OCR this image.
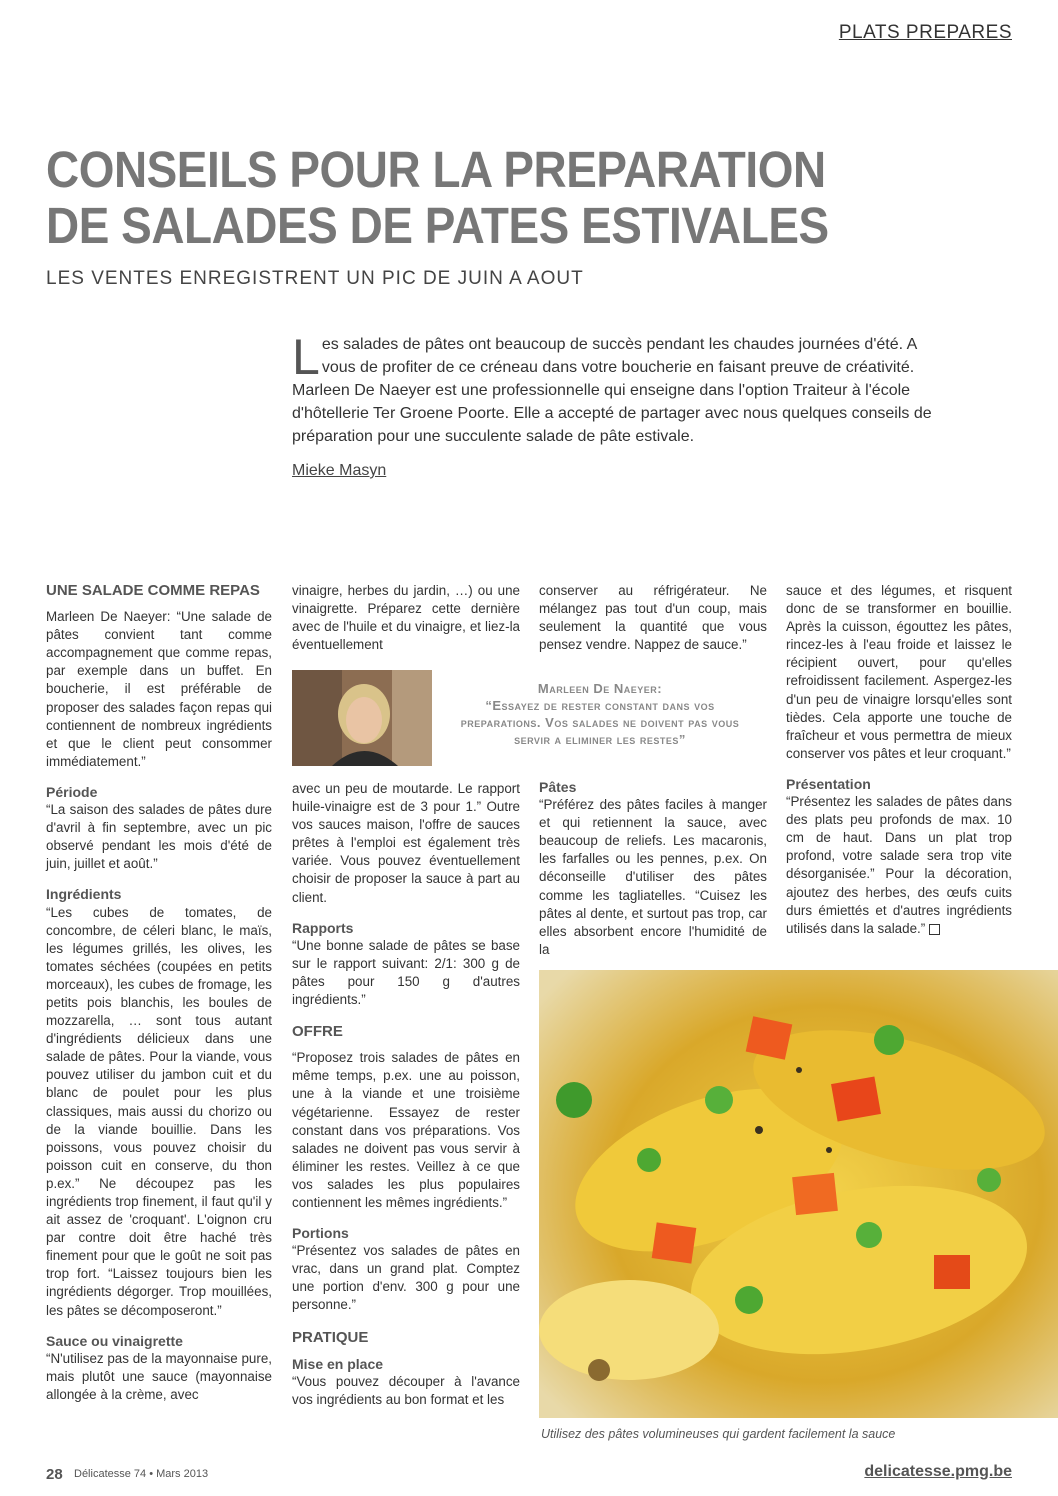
PLATS PREPARES
CONSEILS POUR LA PREPARATION
DE SALADES DE PATES ESTIVALES
LES VENTES ENREGISTRENT UN PIC DE JUIN A AOUT
Les salades de pâtes ont beaucoup de succès pendant les chaudes journées d'été. A vous de profiter de ce créneau dans votre boucherie en faisant preuve de créativité. Marleen De Naeyer est une professionnelle qui enseigne dans l'option Traiteur à l'école d'hôtellerie Ter Groene Poorte. Elle a accepté de partager avec nous quelques conseils de préparation pour une succulente salade de pâte estivale.
Mieke Masyn
UNE SALADE COMME REPAS

Marleen De Naeyer: “Une salade de pâtes convient tant comme accompagnement que comme repas, par exemple dans un buffet. En boucherie, il est préférable de proposer des salades façon repas qui contiennent de nombreux ingrédients et que le client peut consommer immédiatement.”

Période

“La saison des salades de pâtes dure d'avril à fin septembre, avec un pic observé pendant les mois d'été de juin, juillet et août.”

Ingrédients

“Les cubes de tomates, de concombre, de céleri blanc, le maïs, les légumes grillés, les olives, les tomates séchées (coupées en petits morceaux), les cubes de fromage, les petits pois blanchis, les boules de mozzarella, … sont tous autant d'ingrédients délicieux dans une salade de pâtes. Pour la viande, vous pouvez utiliser du jambon cuit et du blanc de poulet pour les plus classiques, mais aussi du chorizo ou de la viande bouillie. Dans les poissons, vous pouvez choisir du poisson cuit en conserve, du thon p.ex.” Ne découpez pas les ingrédients trop finement, il faut qu'il y ait assez de 'croquant'. L'oignon cru par contre doit être haché très finement pour que le goût ne soit pas trop fort. “Laissez toujours bien les ingrédients dégorger. Trop mouillées, les pâtes se décomposeront.”

Sauce ou vinaigrette

“N'utilisez pas de la mayonnaise pure, mais plutôt une sauce (mayonnaise allongée à la crème, avec

vinaigre, herbes du jardin, …) ou une vinaigrette. Préparez cette dernière avec de l'huile et du vinaigre, et liez-la éventuellement

Marleen De Naeyer:
“Essayez de rester constant dans vos preparations. Vos salades ne doivent pas vous servir a eliminer les restes”

avec un peu de moutarde. Le rapport huile-vinaigre est de 3 pour 1.” Outre vos sauces maison, l'offre de sauces prêtes à l'emploi est également très variée. Vous pouvez éventuellement choisir de proposer la sauce à part au client.

Rapports

“Une bonne salade de pâtes se base sur le rapport suivant: 2/1: 300 g de pâtes pour 150 g d'autres ingrédients.”

OFFRE

“Proposez trois salades de pâtes en même temps, p.ex. une au poisson, une à la viande et une troisième végétarienne. Essayez de rester constant dans vos préparations. Vos salades ne doivent pas vous servir à éliminer les restes. Veillez à ce que vos salades les plus populaires contiennent les mêmes ingrédients.”

Portions

“Présentez vos salades de pâtes en vrac, dans un grand plat. Comptez une portion d'env. 300 g pour une personne.”

PRATIQUE
Mise en place

“Vous pouvez découper à l'avance vos ingrédients au bon format et les

conserver au réfrigérateur. Ne mélangez pas tout d'un coup, mais seulement la quantité que vous pensez vendre. Nappez de sauce.”

Pâtes

“Préférez des pâtes faciles à manger et qui retiennent la sauce, avec beaucoup de reliefs. Les macaronis, les farfalles ou les pennes, p.ex. On déconseille d'utiliser des pâtes comme les tagliatelles. “Cuisez les pâtes al dente, et surtout pas trop, car elles absorbent encore l'humidité de la

sauce et des légumes, et risquent donc de se transformer en bouillie. Après la cuisson, égouttez les pâtes, rincez-les à l'eau froide et laissez le récipient ouvert, pour qu'elles refroidissent facilement. Aspergez-les d'un peu de vinaigre lorsqu'elles sont tièdes. Cela apporte une touche de fraîcheur et vous permettra de mieux conserver vos pâtes et leur croquant.”

Présentation

“Présentez les salades de pâtes dans des plats peu profonds de max. 10 cm de haut. Dans un plat trop profond, votre salade sera trop vite désorganisée.” Pour la décoration, ajoutez des herbes, des œufs cuits durs émiettés et d'autres ingrédients utilisés dans la salade.”

Utilisez des pâtes volumineuses qui gardent facilement la sauce
28 Délicatesse 74 • Mars 2013	delicatesse.pmg.be
